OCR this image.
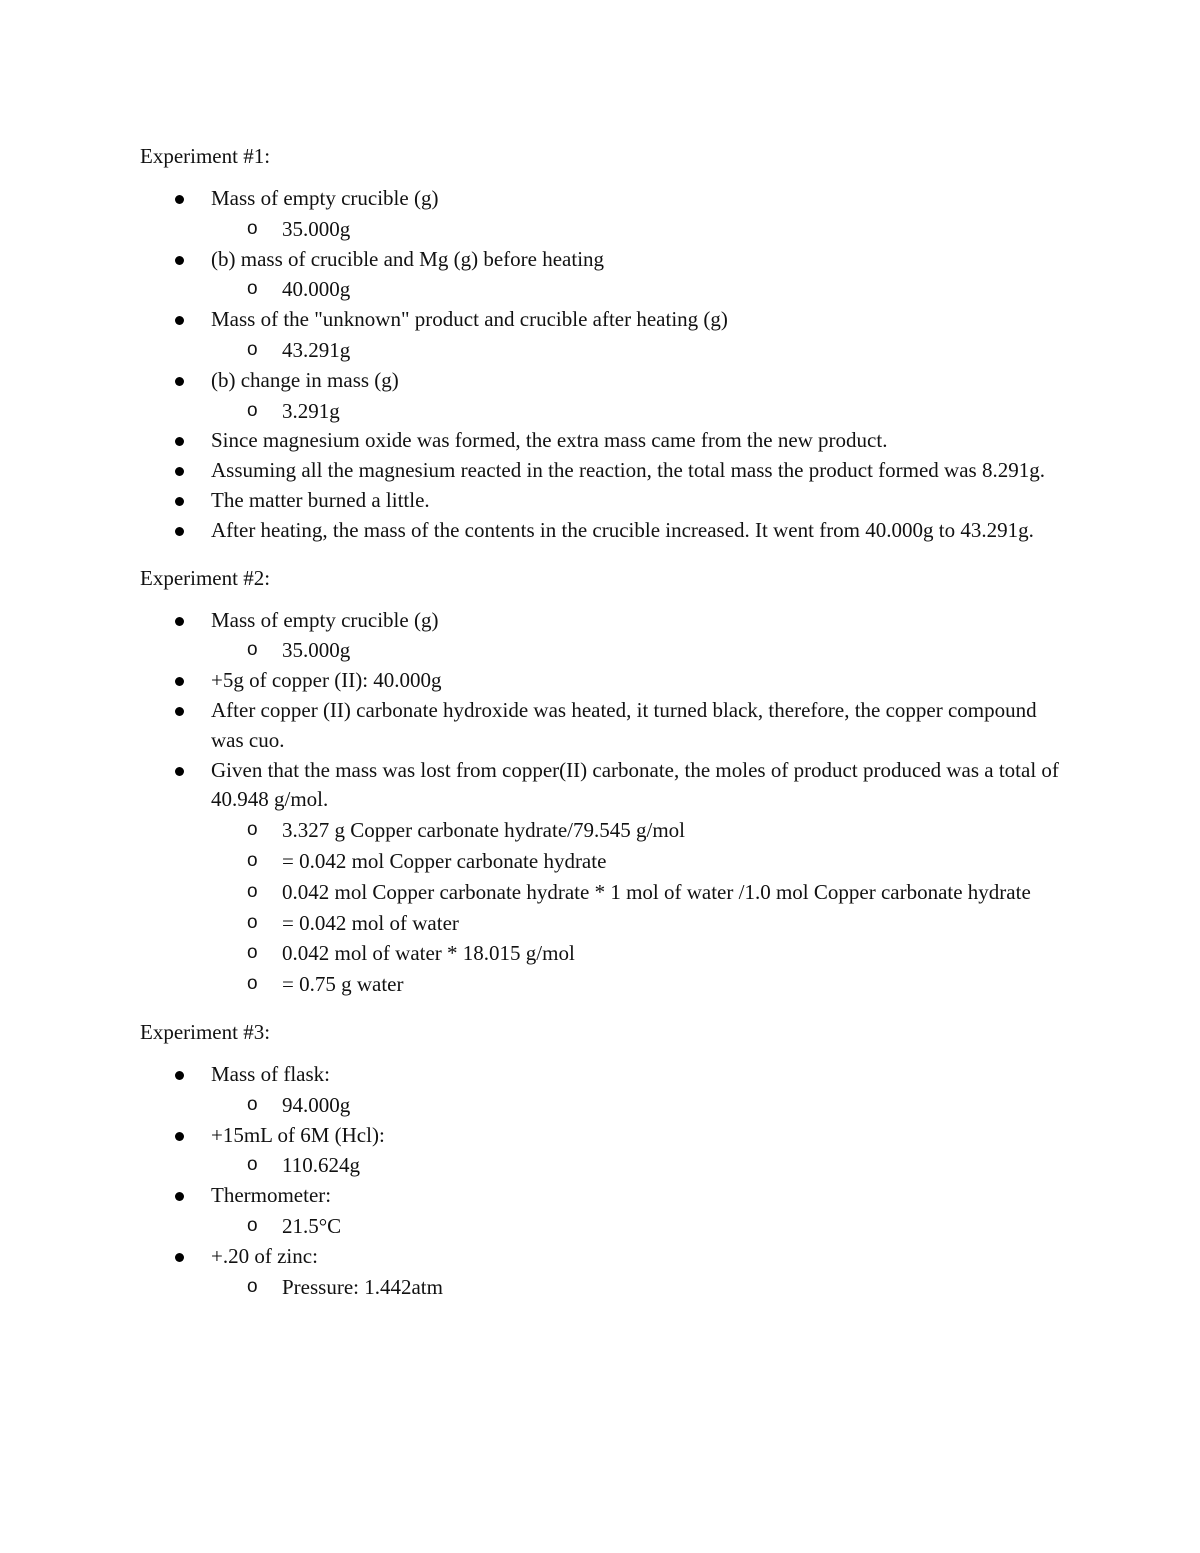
Experiment #1:
Mass of empty crucible (g)
o 35.000g
(b) mass of crucible and Mg (g) before heating
o 40.000g
Mass of the "unknown" product and crucible after heating (g)
o 43.291g
(b) change in mass (g)
o 3.291g
Since magnesium oxide was formed, the extra mass came from the new product.
Assuming all the magnesium reacted in the reaction, the total mass the product formed was 8.291g.
The matter burned a little.
After heating, the mass of the contents in the crucible increased. It went from 40.000g to 43.291g.
Experiment #2:
Mass of empty crucible (g)
o 35.000g
+5g of copper (II): 40.000g
After copper (II) carbonate hydroxide was heated, it turned black, therefore, the copper compound was cuo.
Given that the mass was lost from copper(II) carbonate, the moles of product produced was a total of 40.948 g/mol.
o 3.327 g Copper carbonate hydrate/79.545 g/mol
o = 0.042 mol Copper carbonate hydrate
o 0.042 mol Copper carbonate hydrate * 1 mol of water /1.0 mol Copper carbonate hydrate
o = 0.042 mol of water
o 0.042 mol of water * 18.015 g/mol
o = 0.75 g water
Experiment #3:
Mass of flask:
o 94.000g
+15mL of 6M (Hcl):
o 110.624g
Thermometer:
o 21.5°C
+.20 of zinc:
o Pressure: 1.442atm
